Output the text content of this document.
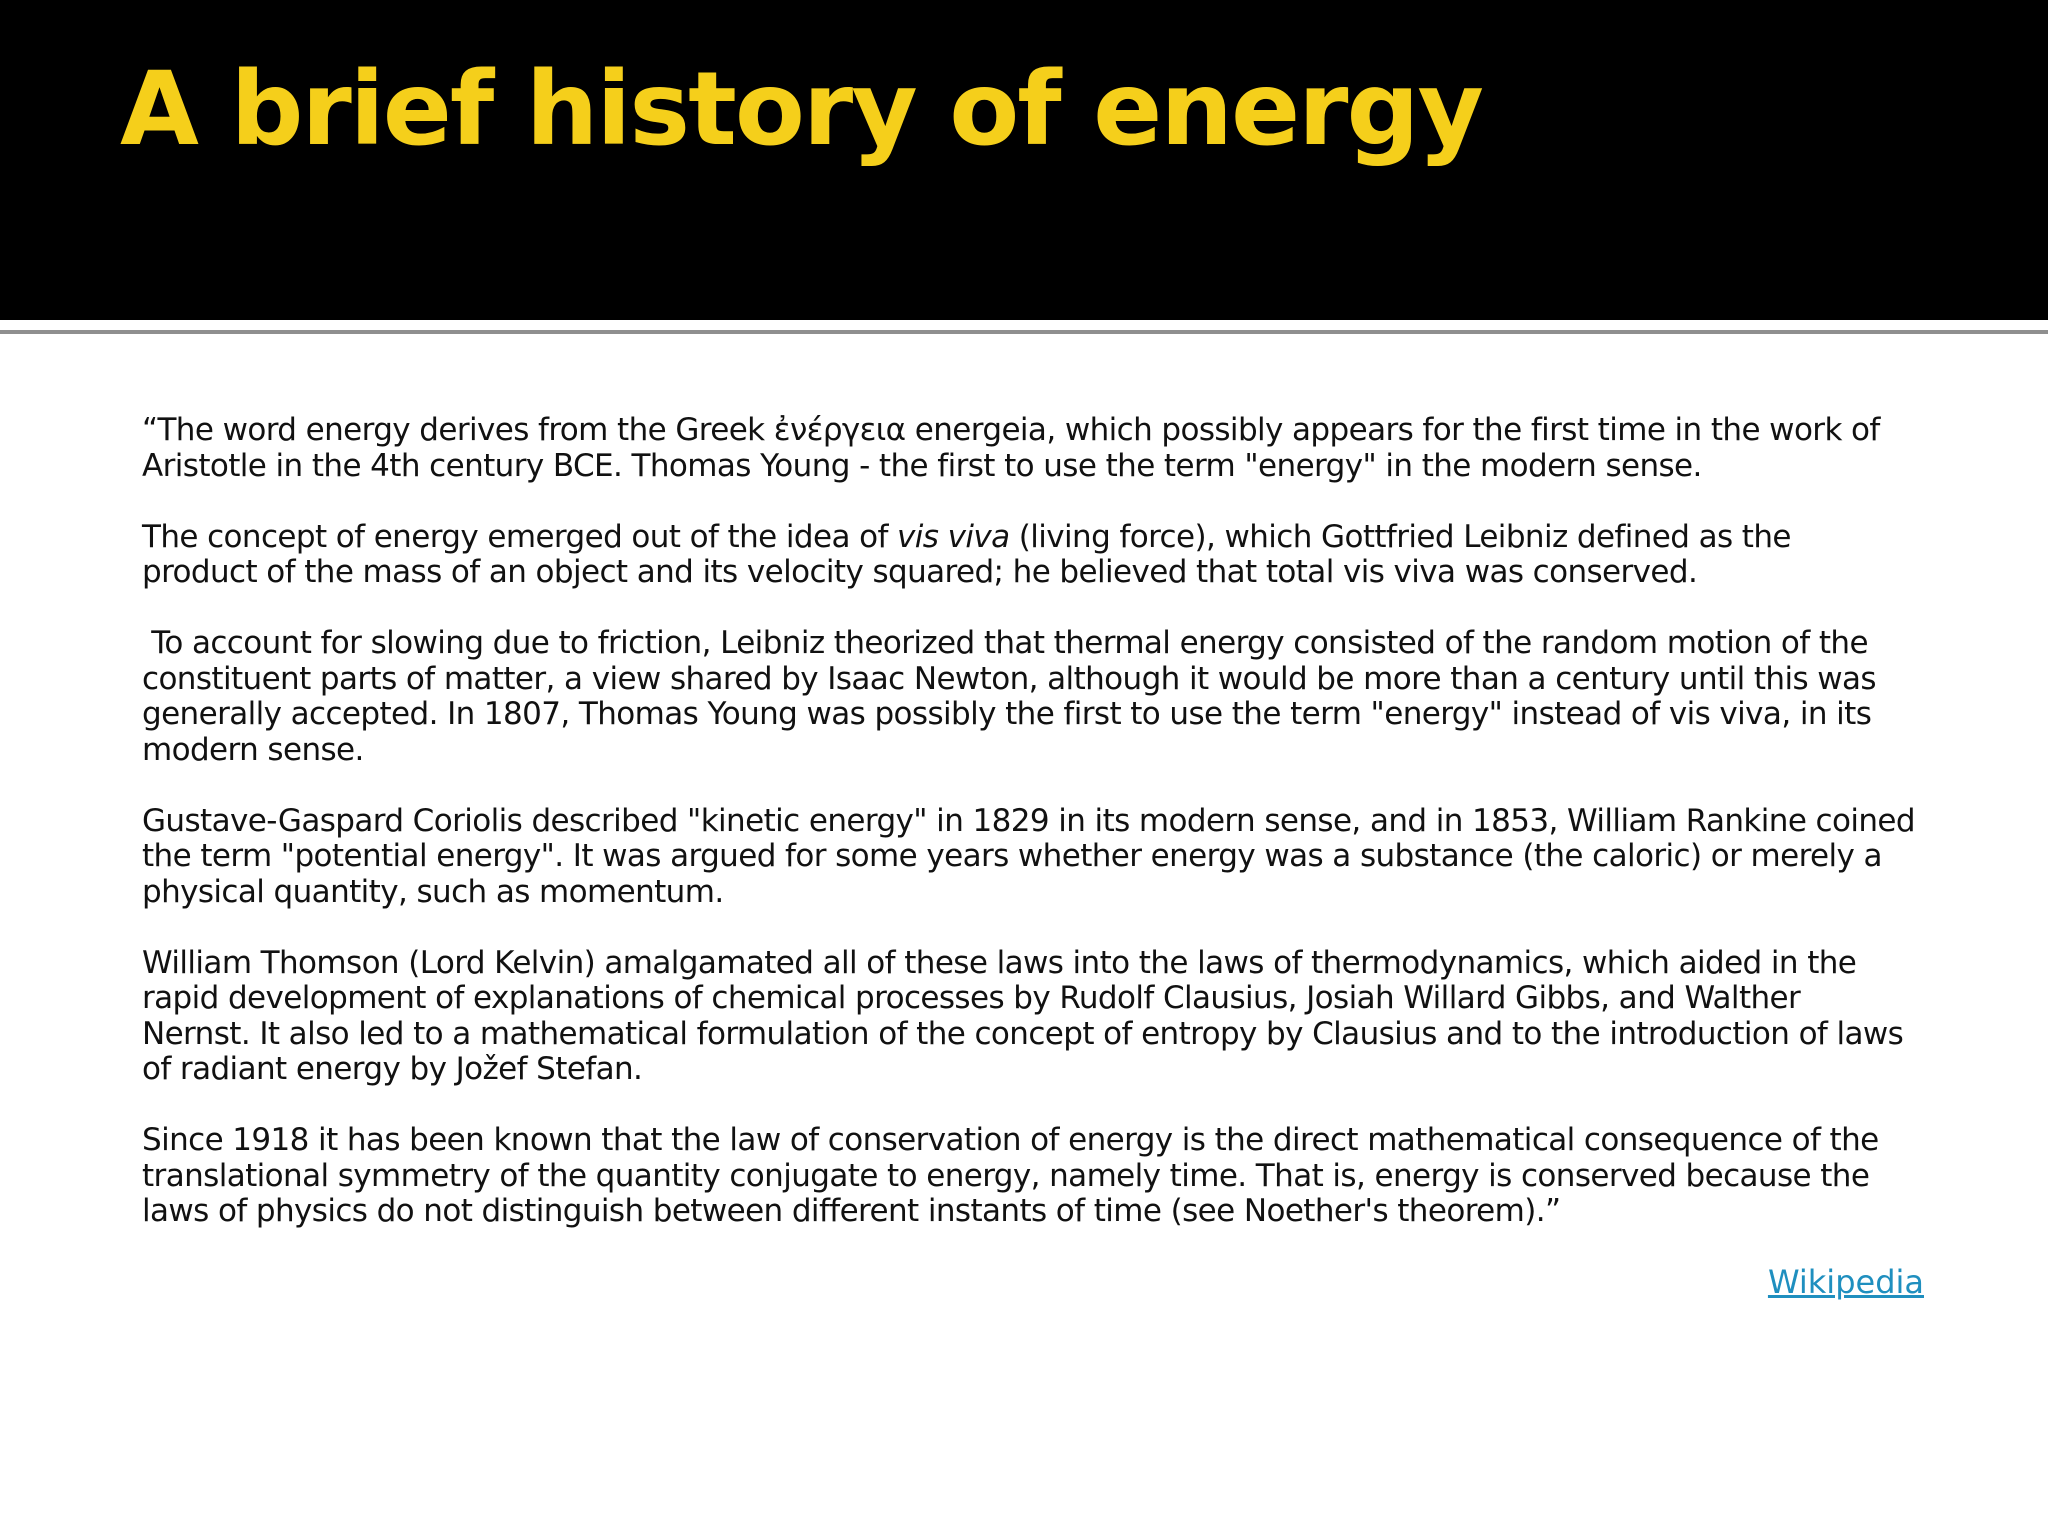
A brief history of energy

“The word energy derives from the Greek ἐνέργεια energeia, which possibly appears for the first time in the work of
Aristotle in the 4th century BCE. Thomas Young - the first to use the term "energy" in the modern sense.

The concept of energy emerged out of the idea of vis viva (living force), which Gottfried Leibniz defined as the
product of the mass of an object and its velocity squared; he believed that total vis viva was conserved.

To account for slowing due to friction, Leibniz theorized that thermal energy consisted of the random motion of the
constituent parts of matter, a view shared by Isaac Newton, although it would be more than a century until this was
generally accepted. In 1807, Thomas Young was possibly the first to use the term "energy" instead of vis viva, in its
modern sense.

Gustave-Gaspard Coriolis described "kinetic energy" in 1829 in its modern sense, and in 1853, William Rankine coined
the term "potential energy". It was argued for some years whether energy was a substance (the caloric) or merely a
physical quantity, such as momentum.

William Thomson (Lord Kelvin) amalgamated all of these laws into the laws of thermodynamics, which aided in the
rapid development of explanations of chemical processes by Rudolf Clausius, Josiah Willard Gibbs, and Walther
Nernst. It also led to a mathematical formulation of the concept of entropy by Clausius and to the introduction of laws
of radiant energy by Jožef Stefan.

Since 1918 it has been known that the law of conservation of energy is the direct mathematical consequence of the
translational symmetry of the quantity conjugate to energy, namely time. That is, energy is conserved because the
laws of physics do not distinguish between different instants of time (see Noether's theorem).”

Wikipedia
